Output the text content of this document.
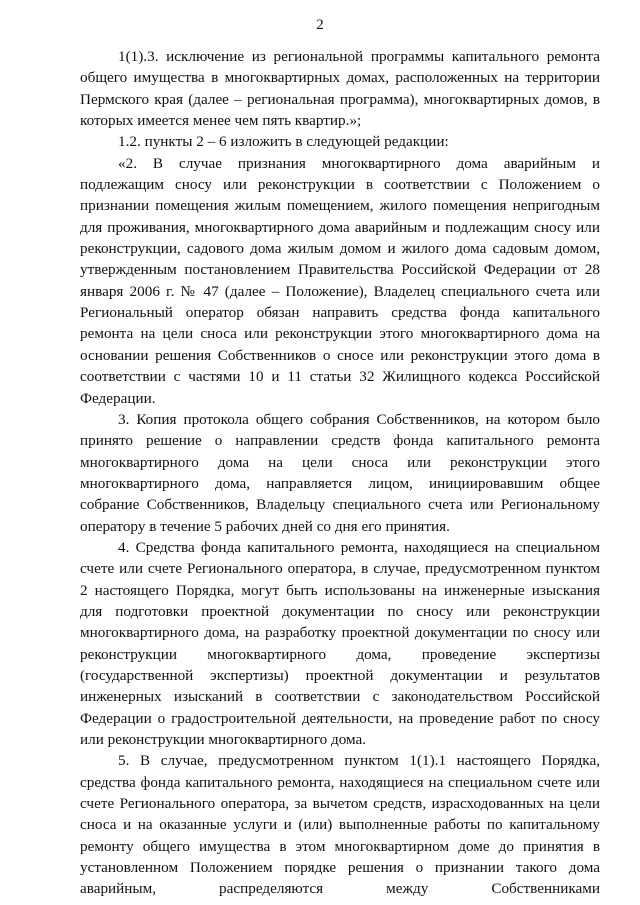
2

1(1).3. исключение из региональной программы капитального ремонта общего имущества в многоквартирных домах, расположенных на территории Пермского края (далее – региональная программа), многоквартирных домов, в которых имеется менее чем пять квартир.»;

1.2. пункты 2 – 6 изложить в следующей редакции:

«2. В случае признания многоквартирного дома аварийным и подлежащим сносу или реконструкции в соответствии с Положением о признании помещения жилым помещением, жилого помещения непригодным для проживания, многоквартирного дома аварийным и подлежащим сносу или реконструкции, садового дома жилым домом и жилого дома садовым домом, утвержденным постановлением Правительства Российской Федерации от 28 января 2006 г. № 47 (далее – Положение), Владелец специального счета или Региональный оператор обязан направить средства фонда капитального ремонта на цели сноса или реконструкции этого многоквартирного дома на основании решения Собственников о сносе или реконструкции этого дома в соответствии с частями 10 и 11 статьи 32 Жилищного кодекса Российской Федерации.

3. Копия протокола общего собрания Собственников, на котором было принято решение о направлении средств фонда капитального ремонта многоквартирного дома на цели сноса или реконструкции этого многоквартирного дома, направляется лицом, инициировавшим общее собрание Собственников, Владельцу специального счета или Региональному оператору в течение 5 рабочих дней со дня его принятия.

4. Средства фонда капитального ремонта, находящиеся на специальном счете или счете Регионального оператора, в случае, предусмотренном пунктом 2 настоящего Порядка, могут быть использованы на инженерные изыскания для подготовки проектной документации по сносу или реконструкции многоквартирного дома, на разработку проектной документации по сносу или реконструкции многоквартирного дома, проведение экспертизы (государственной экспертизы) проектной документации и результатов инженерных изысканий в соответствии с законодательством Российской Федерации о градостроительной деятельности, на проведение работ по сносу или реконструкции многоквартирного дома.

5. В случае, предусмотренном пунктом 1(1).1 настоящего Порядка, средства фонда капитального ремонта, находящиеся на специальном счете или счете Регионального оператора, за вычетом средств, израсходованных на цели сноса и на оказанные услуги и (или) выполненные работы по капитальному ремонту общего имущества в этом многоквартирном доме до принятия в установленном Положением порядке решения о признании такого дома аварийным, распределяются между Собственниками
